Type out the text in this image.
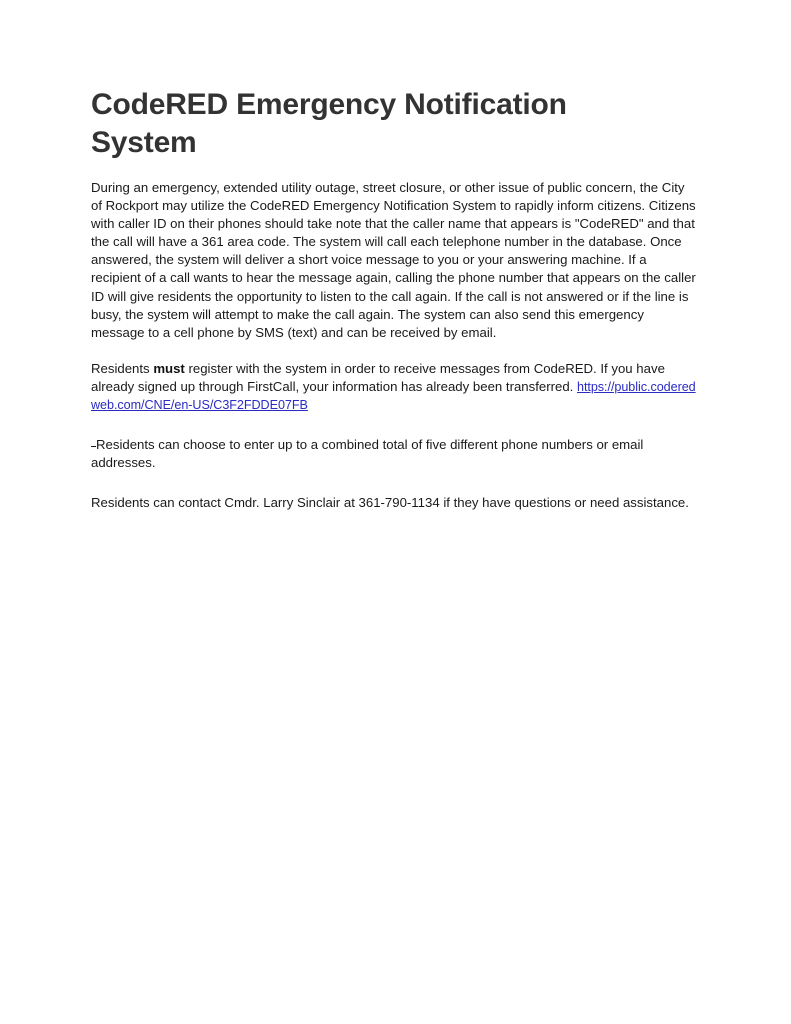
CodeRED Emergency Notification System

During an emergency, extended utility outage, street closure, or other issue of public concern, the City of Rockport may utilize the CodeRED Emergency Notification System to rapidly inform citizens. Citizens with caller ID on their phones should take note that the caller name that appears is "CodeRED" and that the call will have a 361 area code. The system will call each telephone number in the database. Once answered, the system will deliver a short voice message to you or your answering machine. If a recipient of a call wants to hear the message again, calling the phone number that appears on the caller ID will give residents the opportunity to listen to the call again. If the call is not answered or if the line is busy, the system will attempt to make the call again. The system can also send this emergency message to a cell phone by SMS (text) and can be received by email.

Residents must register with the system in order to receive messages from CodeRED. If you have already signed up through FirstCall, your information has already been transferred. https://public.coderedweb.com/CNE/en-US/C3F2FDDE07FB

Residents can choose to enter up to a combined total of five different phone numbers or email addresses.

Residents can contact Cmdr. Larry Sinclair at 361-790-1134 if they have questions or need assistance.
